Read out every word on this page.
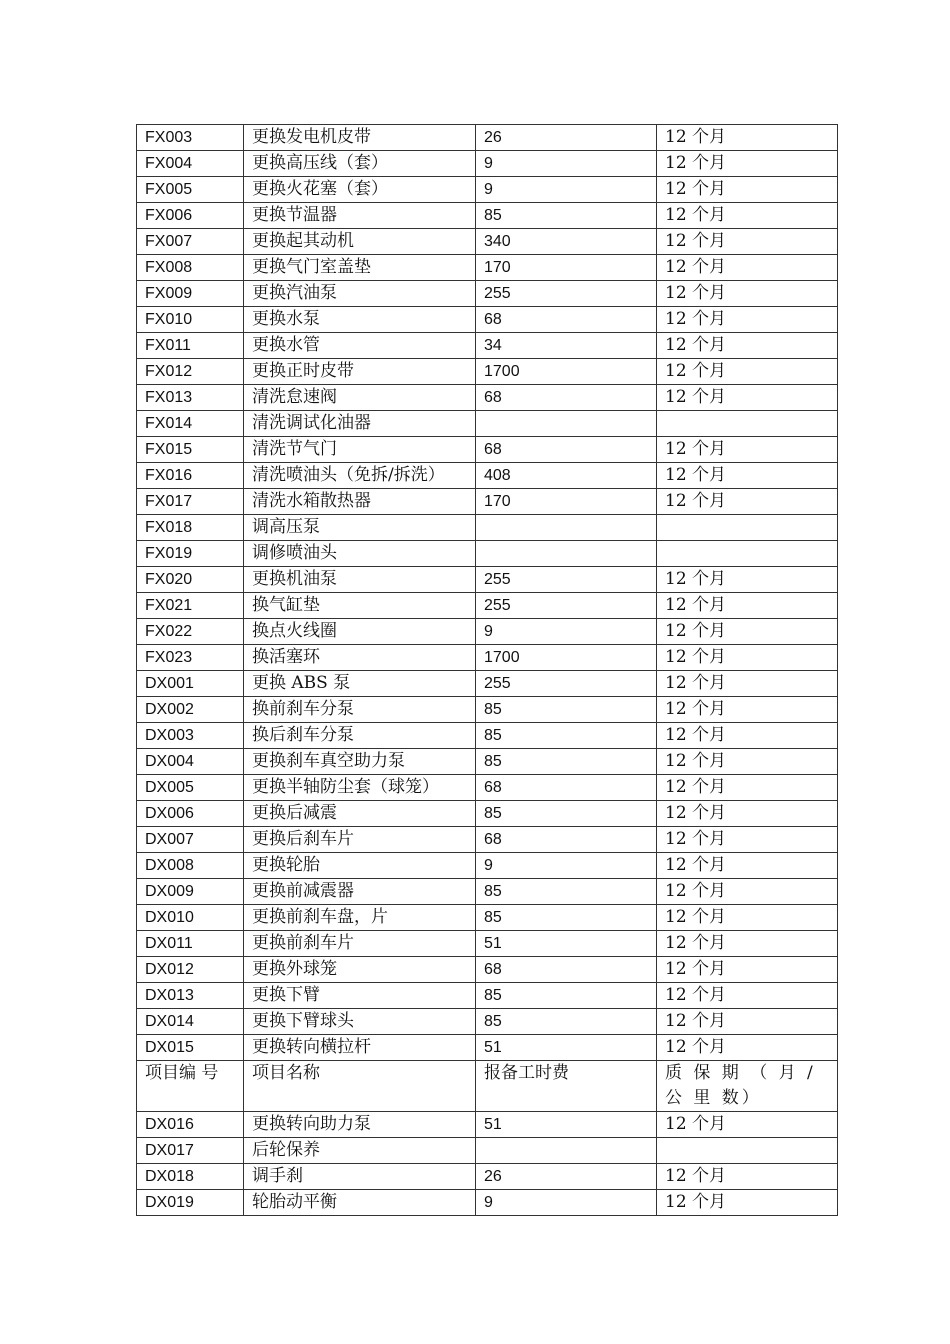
FX003	更换发电机皮带	26	12 个月
FX004	更换高压线（套）	9	12 个月
FX005	更换火花塞（套）	9	12 个月
FX006	更换节温器	85	12 个月
FX007	更换起其动机	340	12 个月
FX008	更换气门室盖垫	170	12 个月
FX009	更换汽油泵	255	12 个月
FX010	更换水泵	68	12 个月
FX011	更换水管	34	12 个月
FX012	更换正时皮带	1700	12 个月
FX013	清洗怠速阀	68	12 个月
FX014	清洗调试化油器		
FX015	清洗节气门	68	12 个月
FX016	清洗喷油头（免拆/拆洗）	408	12 个月
FX017	清洗水箱散热器	170	12 个月
FX018	调高压泵		
FX019	调修喷油头		
FX020	更换机油泵	255	12 个月
FX021	换气缸垫	255	12 个月
FX022	换点火线圈	9	12 个月
FX023	换活塞环	1700	12 个月
DX001	更换 ABS 泵	255	12 个月
DX002	换前刹车分泵	85	12 个月
DX003	换后刹车分泵	85	12 个月
DX004	更换刹车真空助力泵	85	12 个月
DX005	更换半轴防尘套（球笼）	68	12 个月
DX006	更换后减震	85	12 个月
DX007	更换后刹车片	68	12 个月
DX008	更换轮胎	9	12 个月
DX009	更换前减震器	85	12 个月
DX010	更换前刹车盘，片	85	12 个月
DX011	更换前刹车片	51	12 个月
DX012	更换外球笼	68	12 个月
DX013	更换下臂	85	12 个月
DX014	更换下臂球头	85	12 个月
DX015	更换转向横拉杆	51	12 个月
项目编 号	项目名称	报备工时费	质 保 期 （ 月 / 公 里 数）
DX016	更换转向助力泵	51	12 个月
DX017	后轮保养		
DX018	调手刹	26	12 个月
DX019	轮胎动平衡	9	12 个月
